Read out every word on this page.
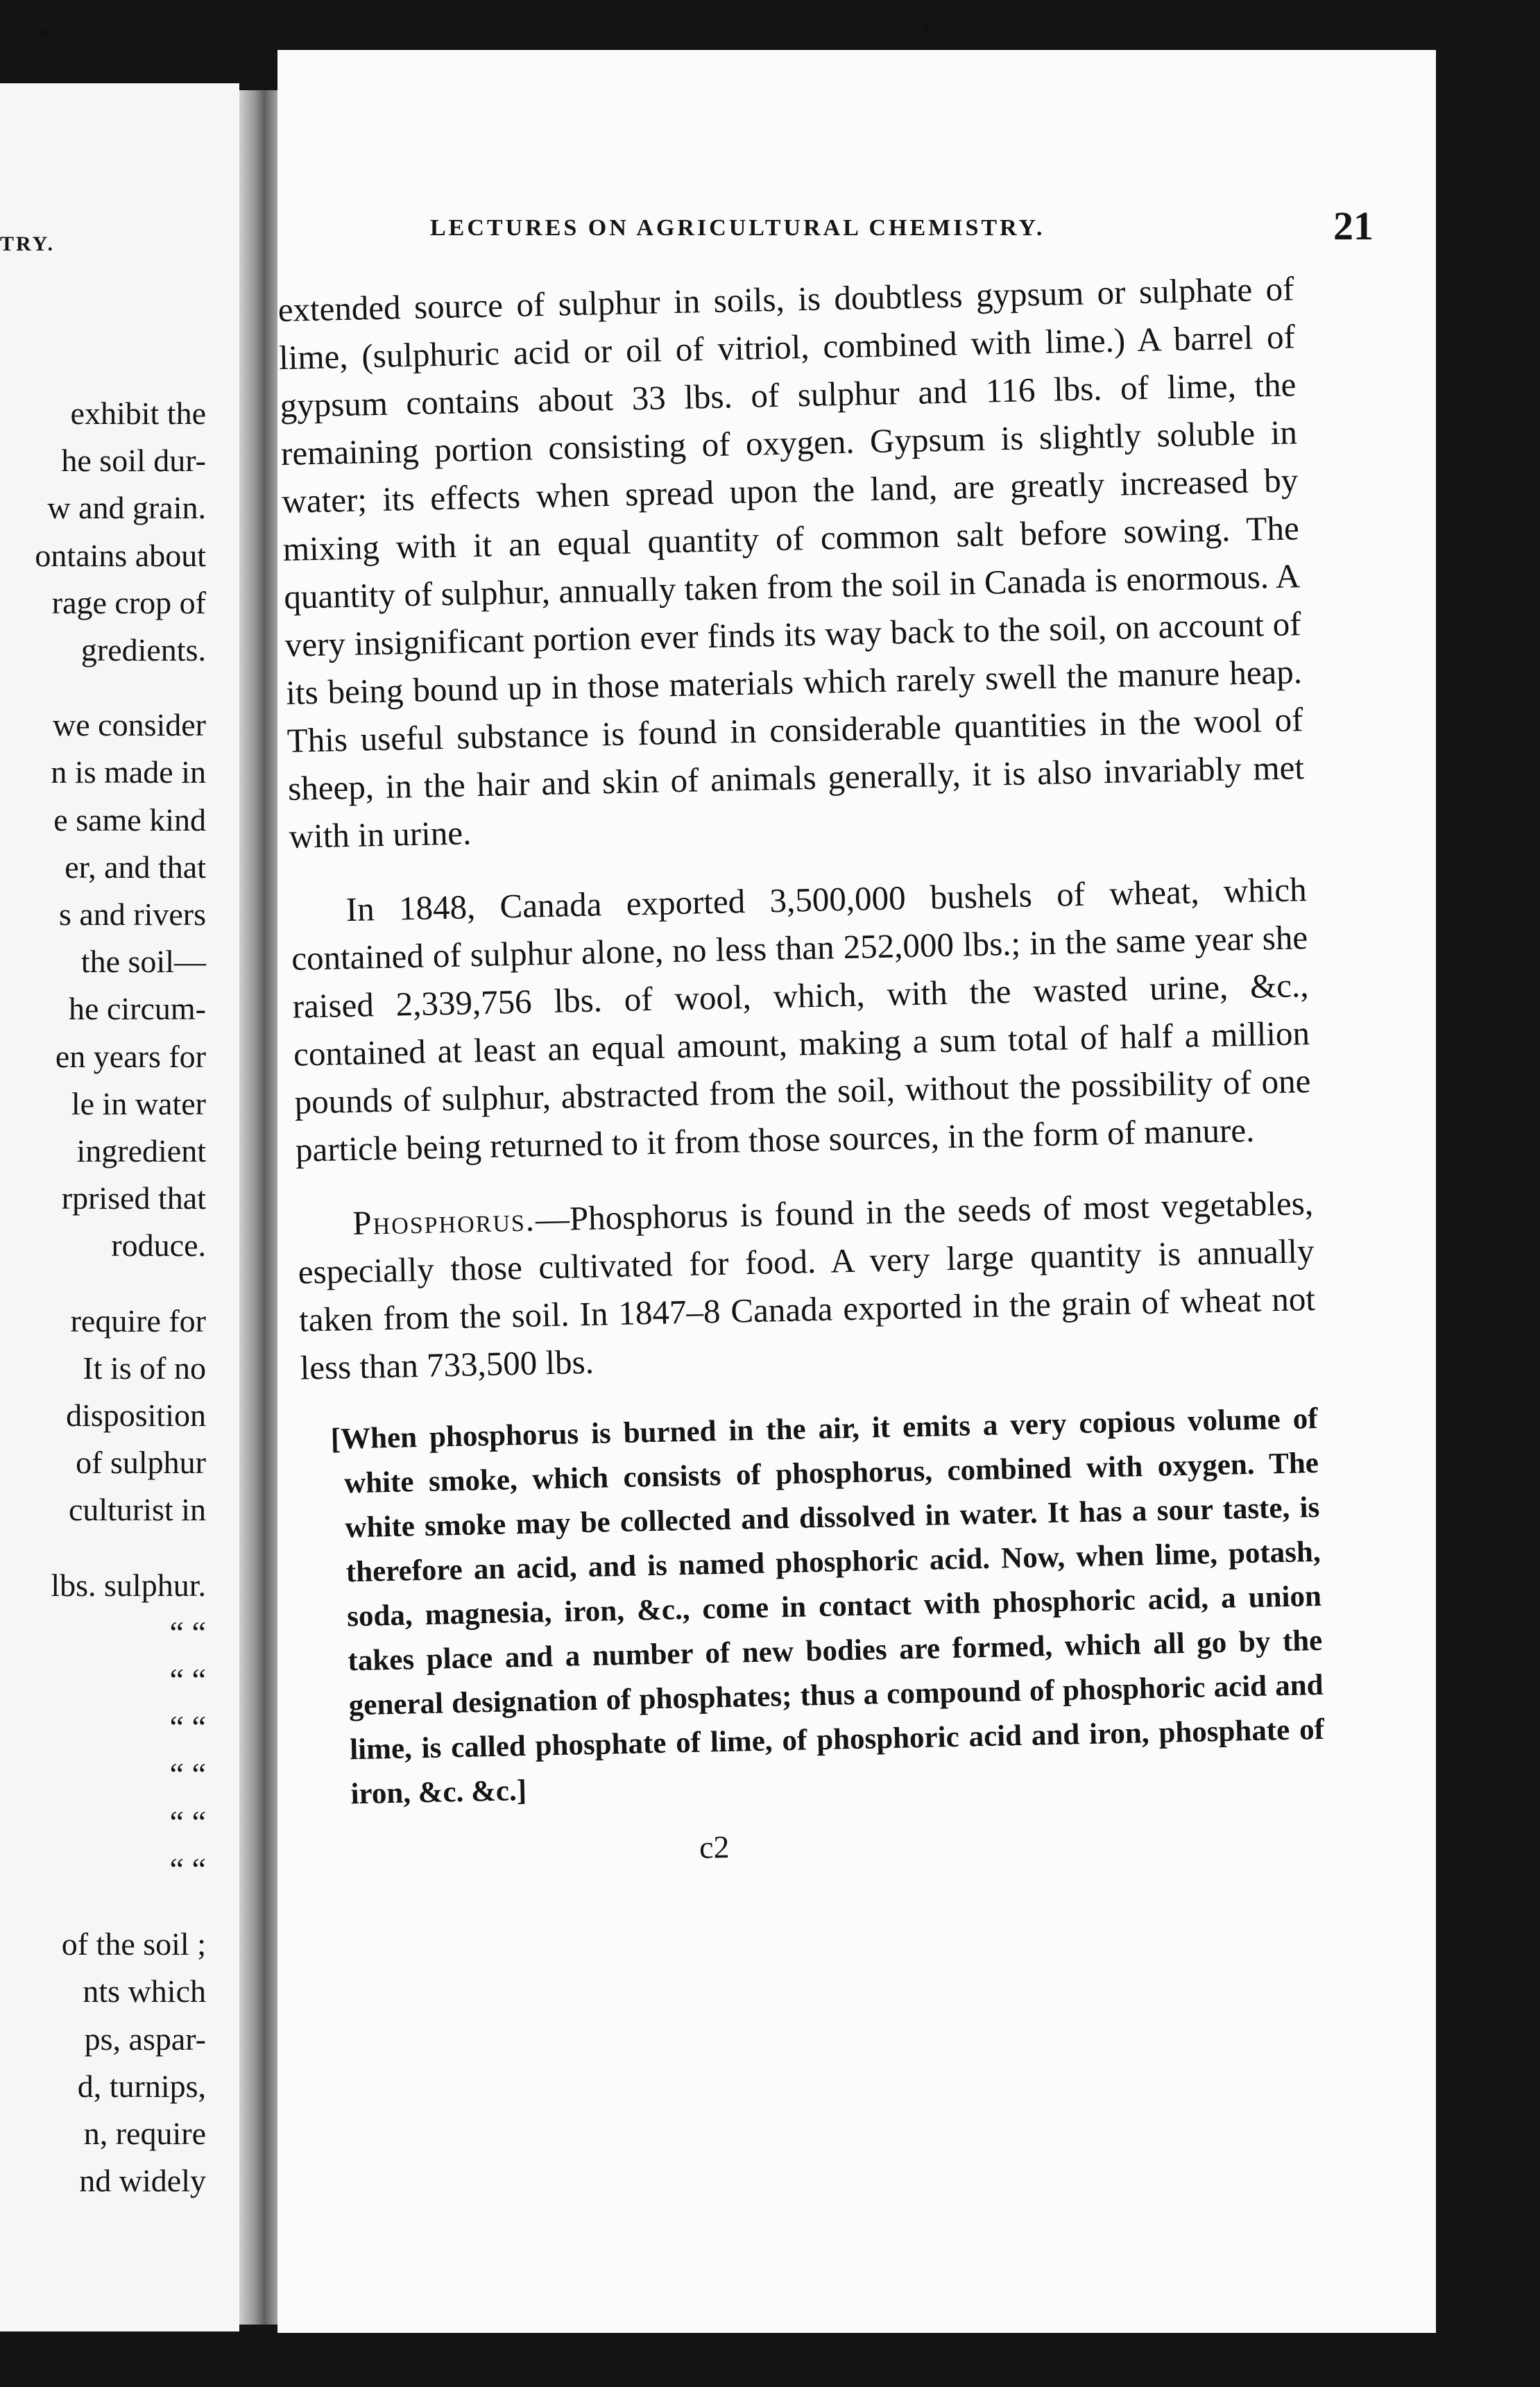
TRY.
exhibit the
he soil dur-
w and grain.
ontains about
rage crop of
gredients.
we consider
n is made in
e same kind
er, and that
s and rivers
the soil—
he circum-
en years for
le in water
ingredient
rprised that
roduce.
require for
It is of no
disposition
of sulphur
culturist in
lbs. sulphur.
“ “
“ “
“ “
“ “
“ “
“ “
of the soil ;
nts which
ps, aspar-
d, turnips,
n, require
nd widely
LECTURES ON AGRICULTURAL CHEMISTRY.	21

extended source of sulphur in soils, is doubtless gypsum or sulphate of lime, (sulphuric acid or oil of vitriol, combined with lime.) A barrel of gypsum contains about 33 lbs. of sulphur and 116 lbs. of lime, the remaining portion consisting of oxygen. Gypsum is slightly soluble in water; its effects when spread upon the land, are greatly increased by mixing with it an equal quantity of common salt before sowing. The quantity of sulphur, annually taken from the soil in Canada is enormous. A very insignificant portion ever finds its way back to the soil, on account of its being bound up in those materials which rarely swell the manure heap. This useful substance is found in considerable quantities in the wool of sheep, in the hair and skin of animals generally, it is also invariably met with in urine.

In 1848, Canada exported 3,500,000 bushels of wheat, which contained of sulphur alone, no less than 252,000 lbs.; in the same year she raised 2,339,756 lbs. of wool, which, with the wasted urine, &c., contained at least an equal amount, making a sum total of half a million pounds of sulphur, abstracted from the soil, without the possibility of one particle being returned to it from those sources, in the form of manure.

Phosphorus.—Phosphorus is found in the seeds of most vegetables, especially those cultivated for food. A very large quantity is annually taken from the soil. In 1847–8 Canada exported in the grain of wheat not less than 733,500 lbs.

[When phosphorus is burned in the air, it emits a very copious volume of white smoke, which consists of phosphorus, combined with oxygen. The white smoke may be collected and dissolved in water. It has a sour taste, is therefore an acid, and is named phosphoric acid. Now, when lime, potash, soda, magnesia, iron, &c., come in contact with phosphoric acid, a union takes place and a number of new bodies are formed, which all go by the general designation of phosphates; thus a compound of phosphoric acid and lime, is called phosphate of lime, of phosphoric acid and iron, phosphate of iron, &c. &c.]

c2
